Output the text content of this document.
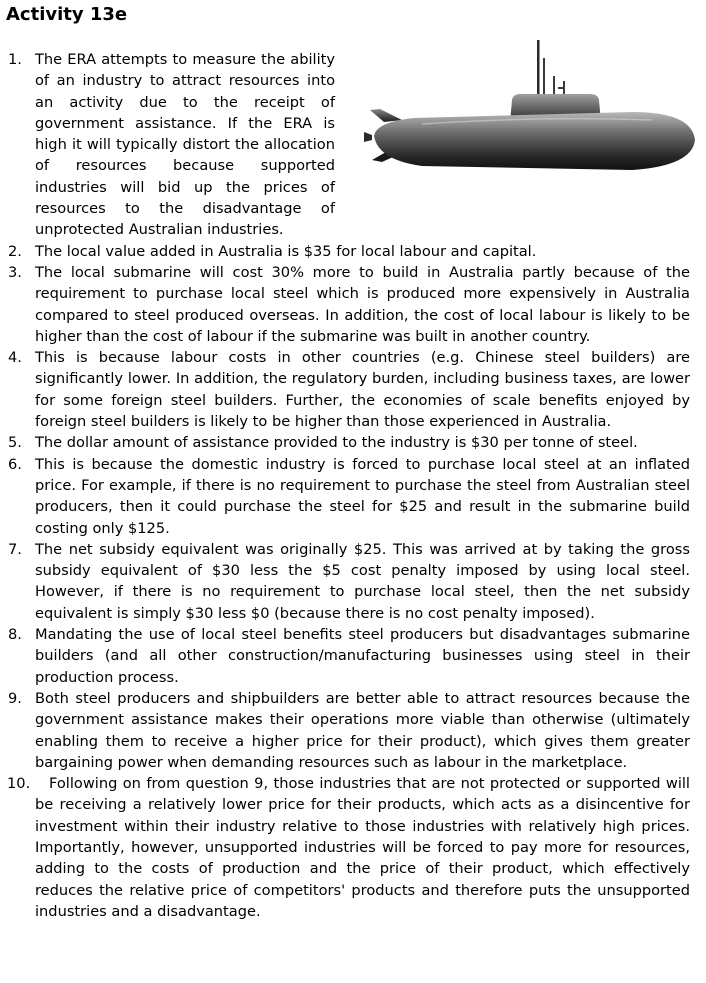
Activity 13e
1. The ERA attempts to measure the ability of an industry to attract resources into an activity due to the receipt of government assistance. If the ERA is high it will typically distort the allocation of resources because supported industries will bid up the prices of resources to the disadvantage of unprotected Australian industries.
2. The local value added in Australia is $35 for local labour and capital.
3. The local submarine will cost 30% more to build in Australia partly because of the requirement to purchase local steel which is produced more expensively in Australia compared to steel produced overseas. In addition, the cost of local labour is likely to be higher than the cost of labour if the submarine was built in another country.
4. This is because labour costs in other countries (e.g. Chinese steel builders) are significantly lower. In addition, the regulatory burden, including business taxes, are lower for some foreign steel builders. Further, the economies of scale benefits enjoyed by foreign steel builders is likely to be higher than those experienced in Australia.
5. The dollar amount of assistance provided to the industry is $30 per tonne of steel.
6. This is because the domestic industry is forced to purchase local steel at an inflated price. For example, if there is no requirement to purchase the steel from Australian steel producers, then it could purchase the steel for $25 and result in the submarine build costing only $125.
7. The net subsidy equivalent was originally $25. This was arrived at by taking the gross subsidy equivalent of $30 less the $5 cost penalty imposed by using local steel. However, if there is no requirement to purchase local steel, then the net subsidy equivalent is simply $30 less $0 (because there is no cost penalty imposed).
8. Mandating the use of local steel benefits steel producers but disadvantages submarine builders (and all other construction/manufacturing businesses using steel in their production process.
9. Both steel producers and shipbuilders are better able to attract resources because the government assistance makes their operations more viable than otherwise (ultimately enabling them to receive a higher price for their product), which gives them greater bargaining power when demanding resources such as labour in the marketplace.
10. Following on from question 9, those industries that are not protected or supported will be receiving a relatively lower price for their products, which acts as a disincentive for investment within their industry relative to those industries with relatively high prices. Importantly, however, unsupported industries will be forced to pay more for resources, adding to the costs of production and the price of their product, which effectively reduces the relative price of competitors' products and therefore puts the unsupported industries and a disadvantage.
